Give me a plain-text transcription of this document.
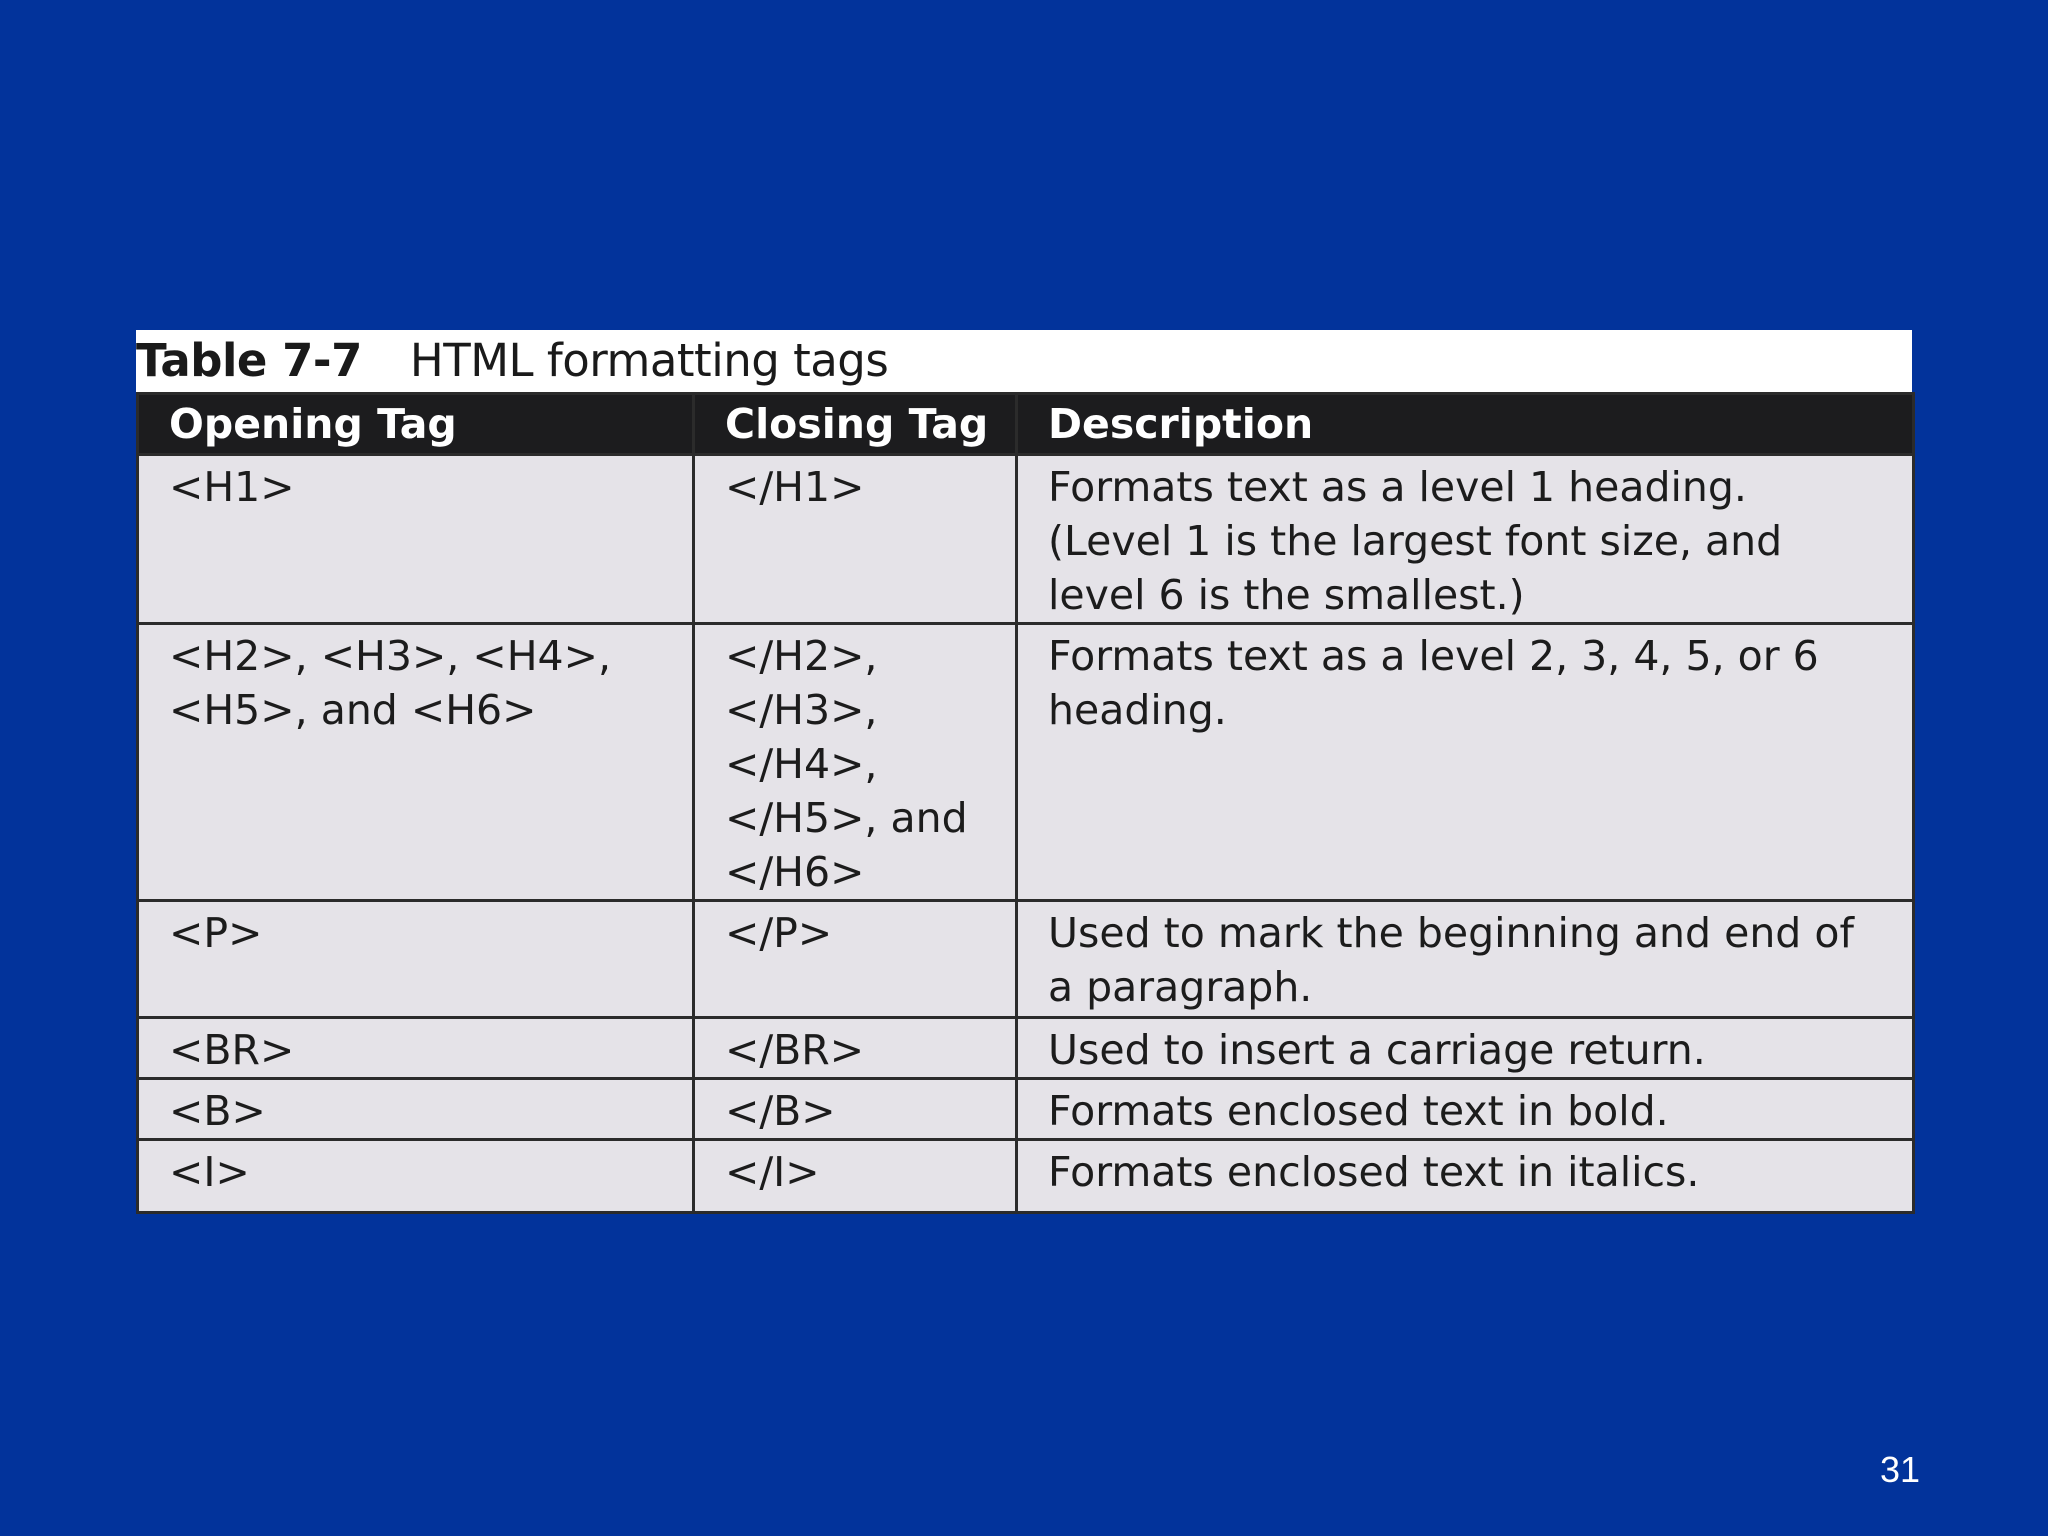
Table 7-7 HTML formatting tags
Opening Tag	Closing Tag	Description
<H1>	</H1>	Formats text as a level 1 heading. (Level 1 is the largest font size, and level 6 is the smallest.)
<H2>, <H3>, <H4>, <H5>, and <H6>	</H2>, </H3>, </H4>, </H5>, and </H6>	Formats text as a level 2, 3, 4, 5, or 6 heading.
<P>	</P>	Used to mark the beginning and end of a paragraph.
<BR>	</BR>	Used to insert a carriage return.
<B>	</B>	Formats enclosed text in bold.
<I>	</I>	Formats enclosed text in italics.
31
